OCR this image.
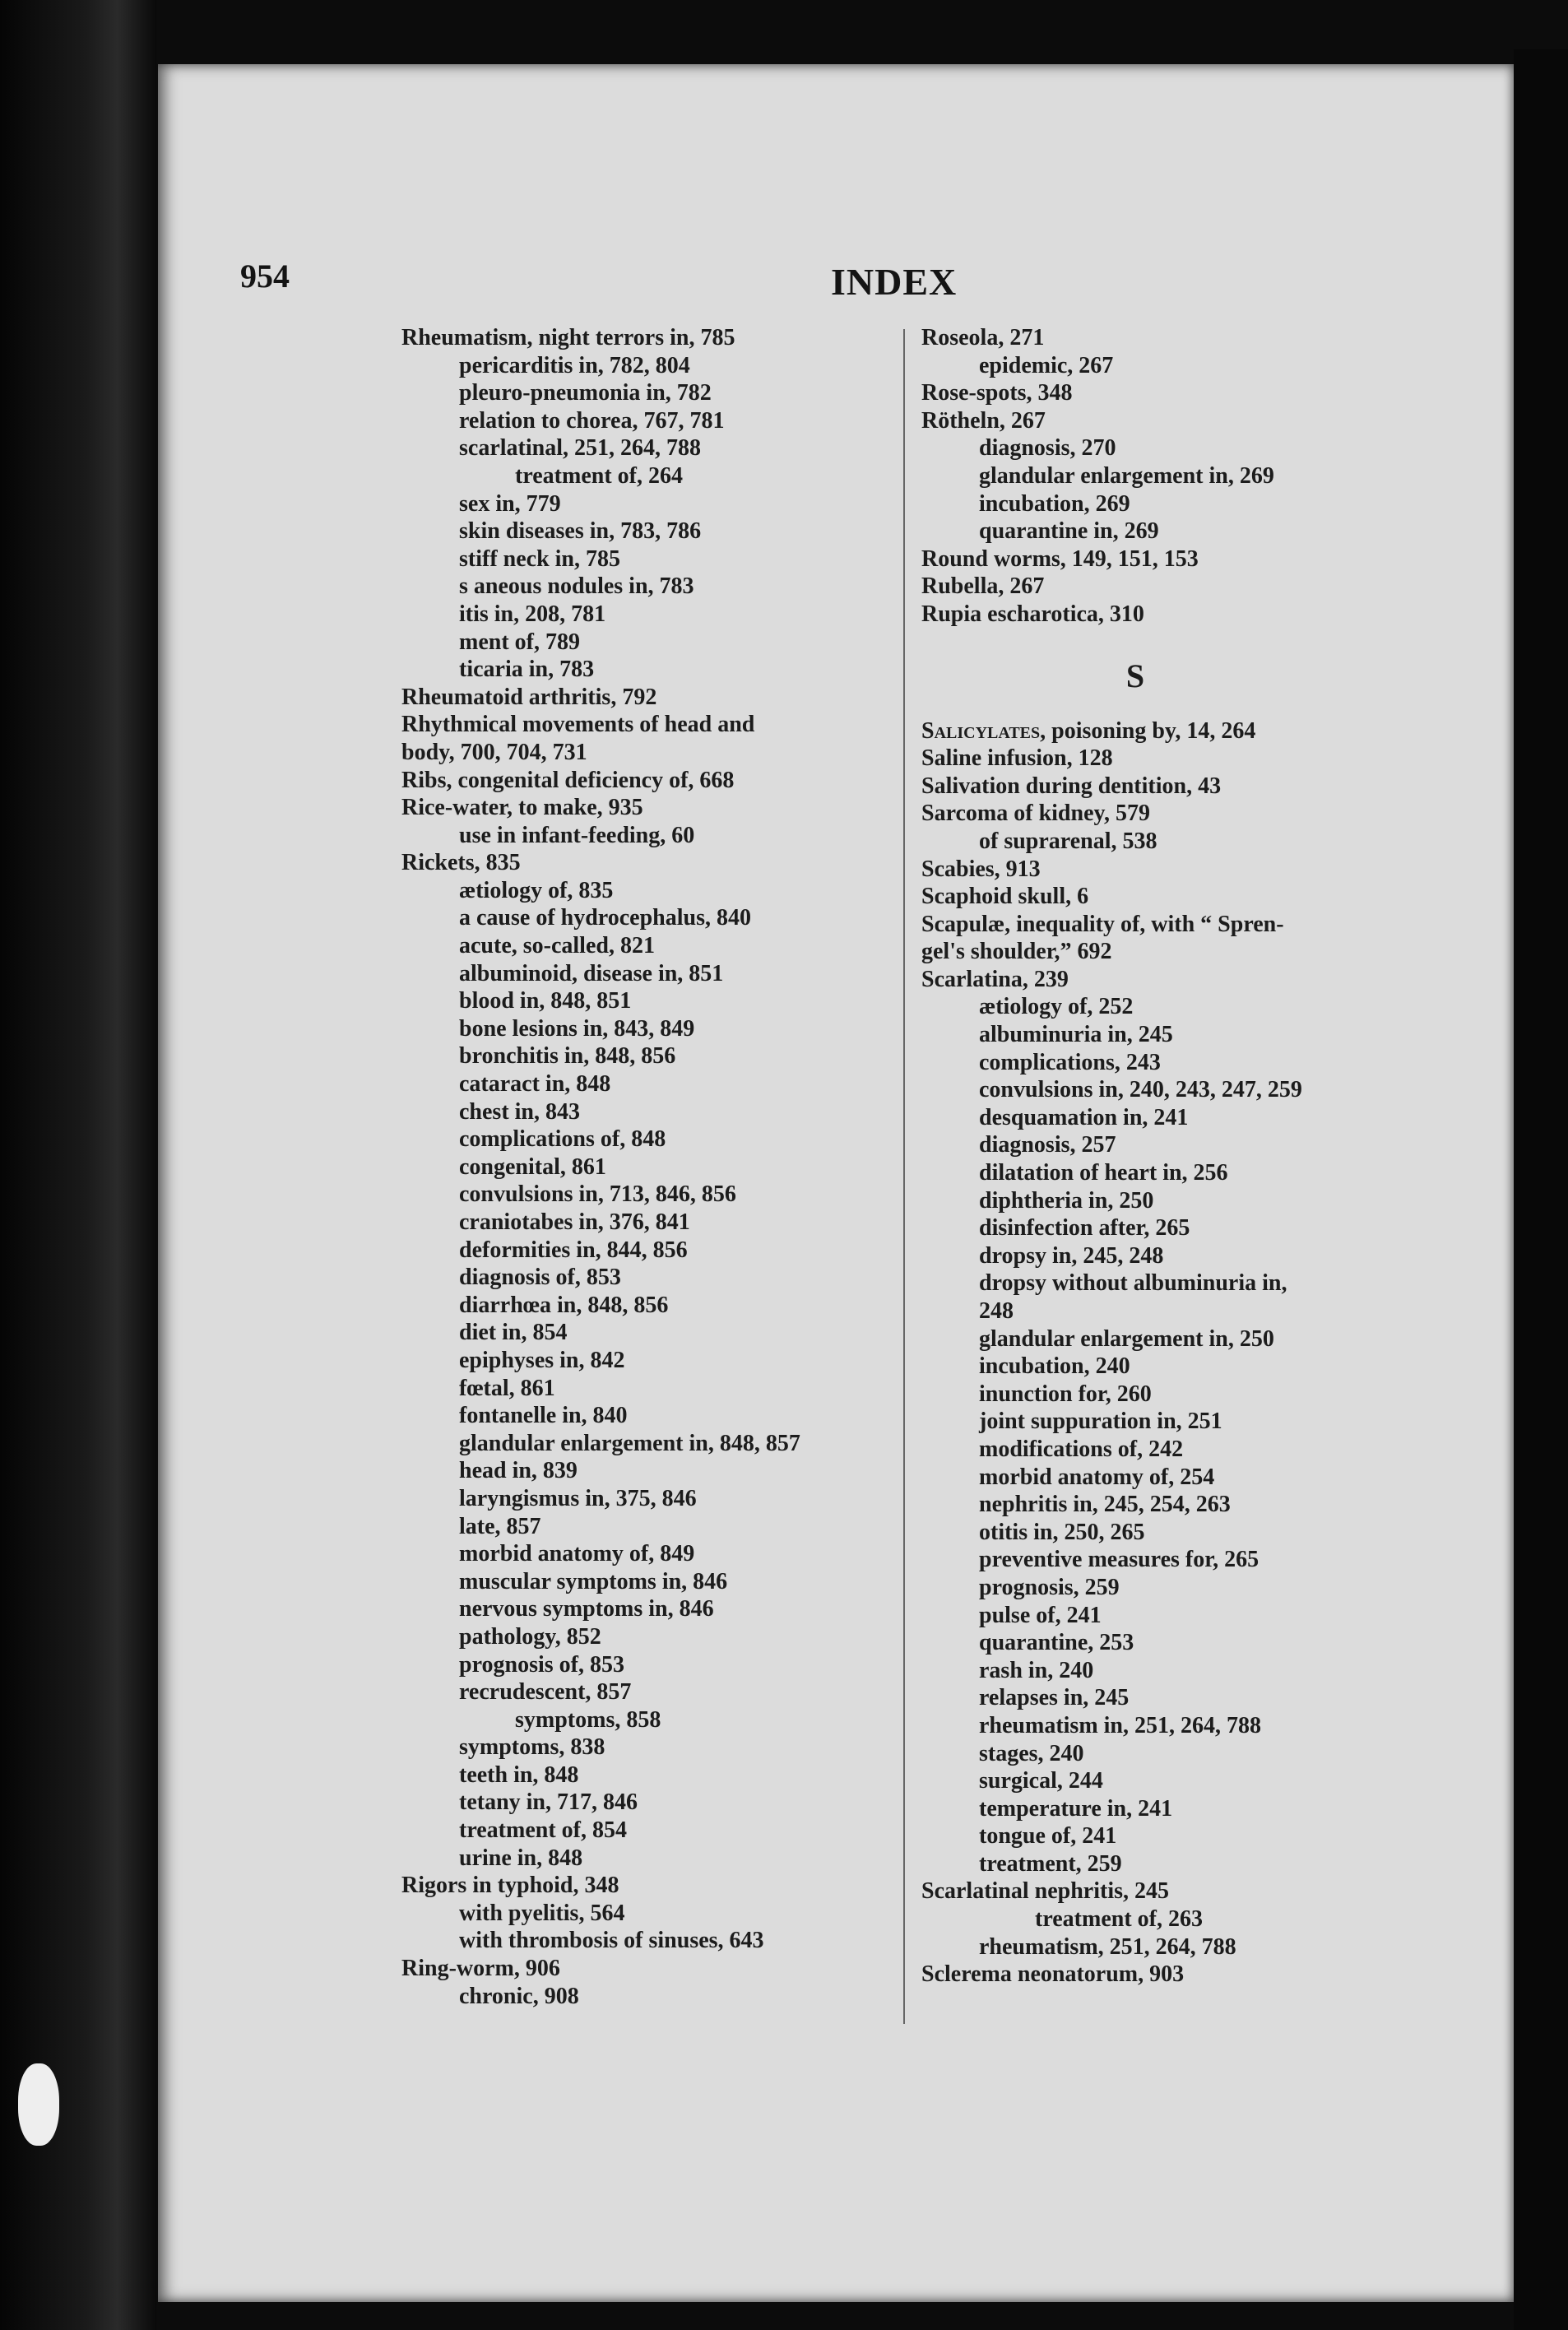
954	INDEX
Rheumatism, night terrors in, 785
pericarditis in, 782, 804
pleuro-pneumonia in, 782
relation to chorea, 767, 781
scarlatinal, 251, 264, 788
treatment of, 264
sex in, 779
skin diseases in, 783, 786
stiff neck in, 785
s aneous nodules in, 783
itis in, 208, 781
ment of, 789
ticaria in, 783
Rheumatoid arthritis, 792
Rhythmical movements of head and
body, 700, 704, 731
Ribs, congenital deficiency of, 668
Rice-water, to make, 935
use in infant-feeding, 60
Rickets, 835
ætiology of, 835
a cause of hydrocephalus, 840
acute, so-called, 821
albuminoid, disease in, 851
blood in, 848, 851
bone lesions in, 843, 849
bronchitis in, 848, 856
cataract in, 848
chest in, 843
complications of, 848
congenital, 861
convulsions in, 713, 846, 856
craniotabes in, 376, 841
deformities in, 844, 856
diagnosis of, 853
diarrhœa in, 848, 856
diet in, 854
epiphyses in, 842
fœtal, 861
fontanelle in, 840
glandular enlargement in, 848, 857
head in, 839
laryngismus in, 375, 846
late, 857
morbid anatomy of, 849
muscular symptoms in, 846
nervous symptoms in, 846
pathology, 852
prognosis of, 853
recrudescent, 857
symptoms, 858
symptoms, 838
teeth in, 848
tetany in, 717, 846
treatment of, 854
urine in, 848
Rigors in typhoid, 348
with pyelitis, 564
with thrombosis of sinuses, 643
Ring-worm, 906
chronic, 908
Roseola, 271
epidemic, 267
Rose-spots, 348
Rötheln, 267
diagnosis, 270
glandular enlargement in, 269
incubation, 269
quarantine in, 269
Round worms, 149, 151, 153
Rubella, 267
Rupia escharotica, 310
S
Salicylates, poisoning by, 14, 264
Saline infusion, 128
Salivation during dentition, 43
Sarcoma of kidney, 579
of suprarenal, 538
Scabies, 913
Scaphoid skull, 6
Scapulæ, inequality of, with “ Spren-
gel's shoulder,” 692
Scarlatina, 239
ætiology of, 252
albuminuria in, 245
complications, 243
convulsions in, 240, 243, 247, 259
desquamation in, 241
diagnosis, 257
dilatation of heart in, 256
diphtheria in, 250
disinfection after, 265
dropsy in, 245, 248
dropsy without albuminuria in,
248
glandular enlargement in, 250
incubation, 240
inunction for, 260
joint suppuration in, 251
modifications of, 242
morbid anatomy of, 254
nephritis in, 245, 254, 263
otitis in, 250, 265
preventive measures for, 265
prognosis, 259
pulse of, 241
quarantine, 253
rash in, 240
relapses in, 245
rheumatism in, 251, 264, 788
stages, 240
surgical, 244
temperature in, 241
tongue of, 241
treatment, 259
Scarlatinal nephritis, 245
treatment of, 263
rheumatism, 251, 264, 788
Sclerema neonatorum, 903
